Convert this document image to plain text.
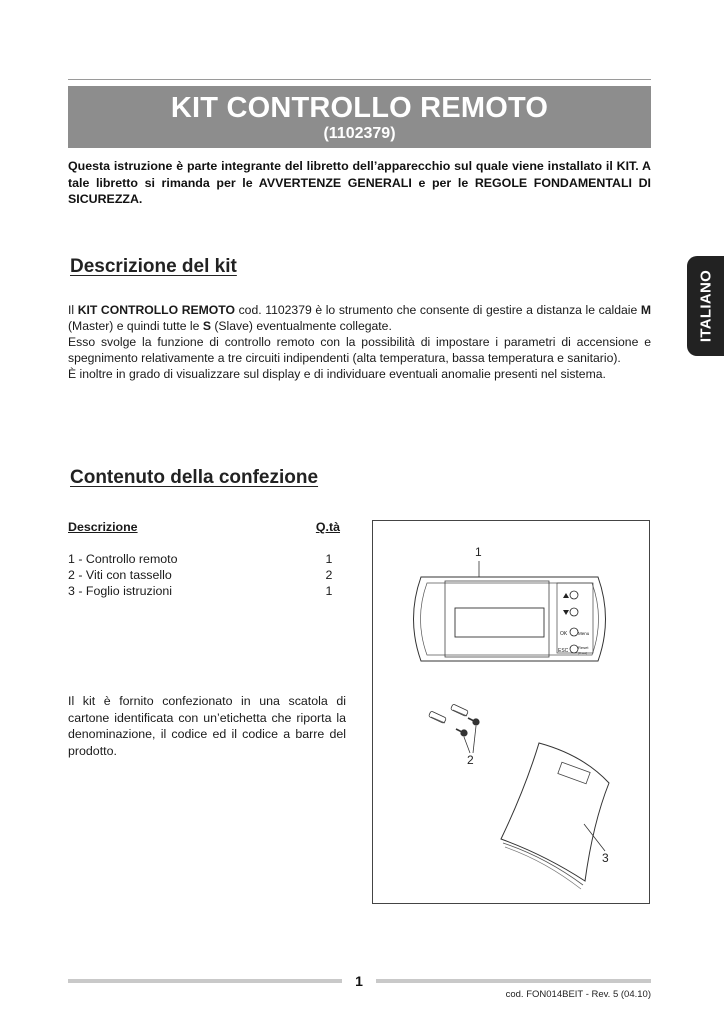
KIT CONTROLLO REMOTO
(1102379)
Questa istruzione è parte integrante del libretto dell’apparecchio sul quale viene installato il KIT. A tale libretto si rimanda per le AVVERTENZE GENERALI e per le REGOLE FONDAMENTALI DI SICUREZZA.
ITALIANO
Descrizione del kit
Il KIT CONTROLLO REMOTO cod. 1102379 è lo strumento che consente di gestire a distanza le caldaie M (Master) e quindi tutte le S (Slave) eventualmente collegate.
Esso svolge la funzione di controllo remoto con la possibilità di impostare i parametri di accensione e spegnimento relativamente a tre circuiti indipendenti (alta temperatura, bassa temperatura e sanitario).
È inoltre in grado di visualizzare sul display e di individuare eventuali anomalie presenti nel sistema.
Contenuto della confezione
Descrizione	Q.tà
1 - Controllo remoto	1
2 - Viti con tassello	2
3 - Foglio istruzioni	1
Il kit è fornito confezionato in una scatola di cartone identificata con un’etichetta che riporta la denominazione, il codice ed il codice a barre del prodotto.
1
OK Menu
ESC
Reset
(3 sec)
2
3
1
cod. FON014BEIT - Rev. 5 (04.10)
